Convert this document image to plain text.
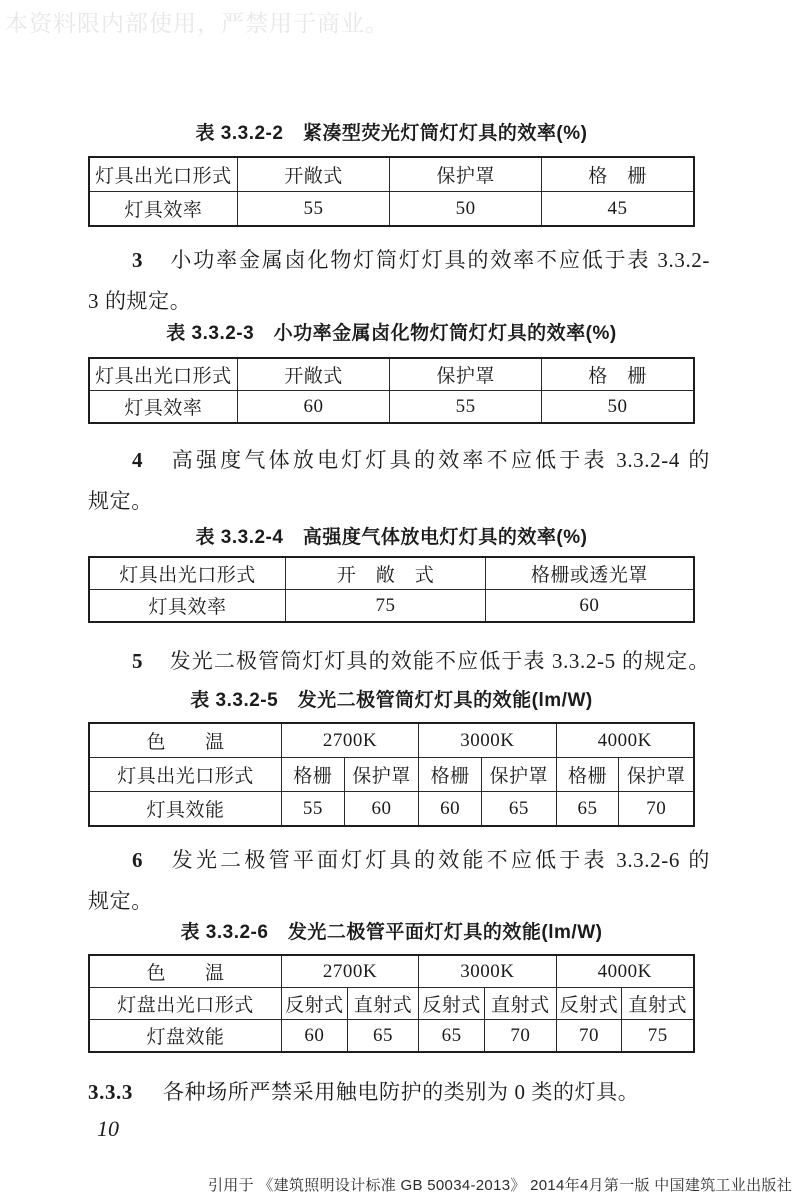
本资料限内部使用，严禁用于商业。
表 3.3.2-2　紧凑型荧光灯筒灯灯具的效率(%)
灯具出光口形式	开敞式	保护罩	格　栅
灯具效率	55	50	45
3 小功率金属卤化物灯筒灯灯具的效率不应低于表 3.3.2-
3 的规定。
表 3.3.2-3　小功率金属卤化物灯筒灯灯具的效率(%)
灯具出光口形式	开敞式	保护罩	格　栅
灯具效率	60	55	50
4 高强度气体放电灯灯具的效率不应低于表 3.3.2-4 的
规定。
表 3.3.2-4　高强度气体放电灯灯具的效率(%)
灯具出光口形式	开　敞　式	格栅或透光罩
灯具效率	75	60
5 发光二极管筒灯灯具的效能不应低于表 3.3.2-5 的规定。
表 3.3.2-5　发光二极管筒灯灯具的效能(lm/W)
色　　温	2700K		3000K		4000K	
灯具出光口形式	格栅	保护罩	格栅	保护罩	格栅	保护罩
灯具效能	55	60	60	65	65	70
6 发光二极管平面灯灯具的效能不应低于表 3.3.2-6 的
规定。
表 3.3.2-6　发光二极管平面灯灯具的效能(lm/W)
色　　温	2700K		3000K		4000K	
灯盘出光口形式	反射式	直射式	反射式	直射式	反射式	直射式
灯盘效能	60	65	65	70	70	75
3.3.3 各种场所严禁采用触电防护的类别为 0 类的灯具。
10
引用于 《建筑照明设计标准 GB 50034-2013》 2014年4月第一版 中国建筑工业出版社
